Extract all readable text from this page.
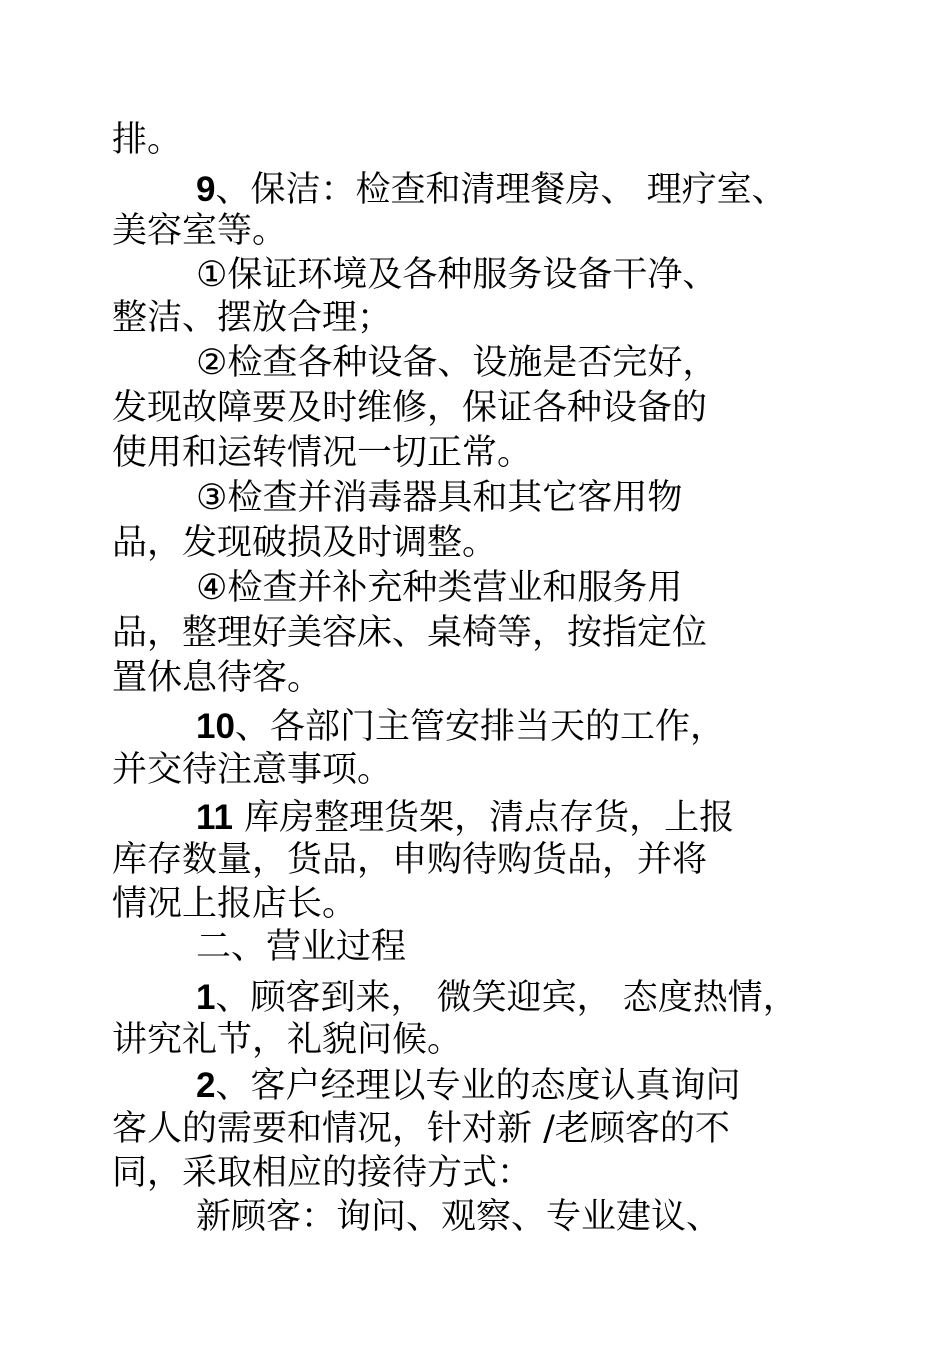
排。
9、保洁：检查和清理餐房、 理疗室、
美容室等。
①保证环境及各种服务设备干净、
整洁、摆放合理；
②检查各种设备、设施是否完好，
发现故障要及时维修，保证各种设备的
使用和运转情况一切正常。
③检查并消毒器具和其它客用物
品，发现破损及时调整。
④检查并补充种类营业和服务用
品，整理好美容床、桌椅等，按指定位
置休息待客。
10、各部门主管安排当天的工作，
并交待注意事项。
11 库房整理货架，清点存货，上报
库存数量，货品，申购待购货品，并将
情况上报店长。
二、营业过程
1、顾客到来， 微笑迎宾， 态度热情，
讲究礼节，礼貌问候。
2、客户经理以专业的态度认真询问
客人的需要和情况，针对新 /老顾客的不
同，采取相应的接待方式：
新顾客：询问、观察、专业建议、
